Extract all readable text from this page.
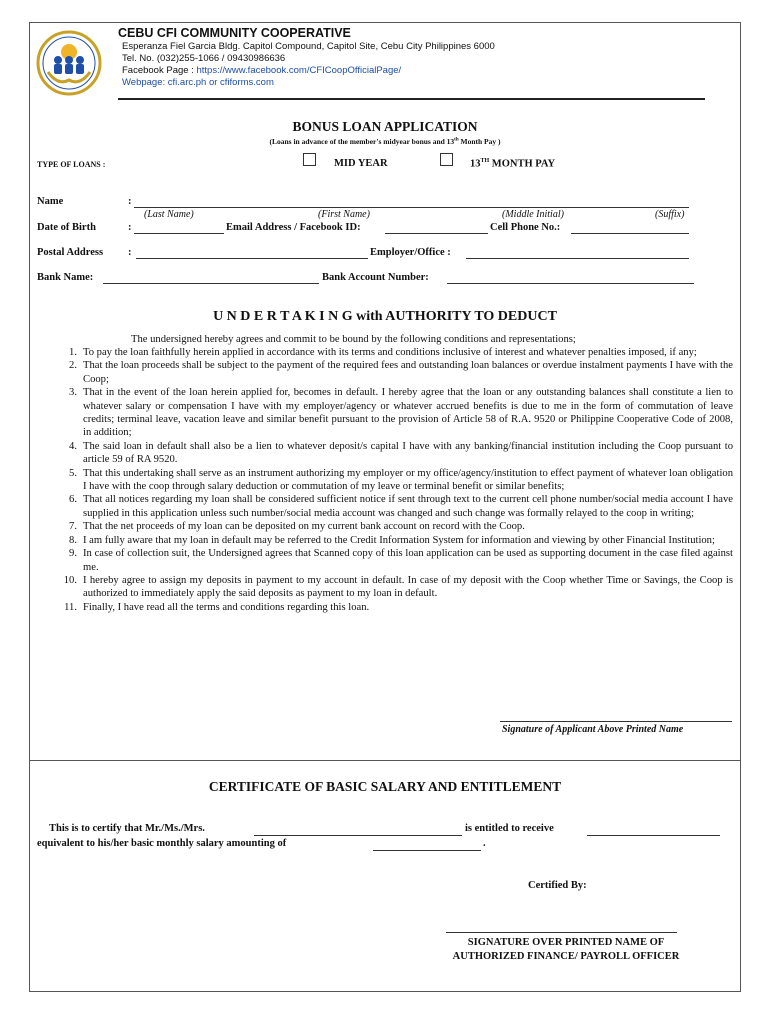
CEBU CFI COMMUNITY COOPERATIVE
Esperanza Fiel Garcia Bldg. Capitol Compound, Capitol Site, Cebu City Philippines 6000
Tel. No. (032)255-1066 / 09430986636
Facebook Page : https://www.facebook.com/CFICoopOfficialPage/
Webpage: cfi.arc.ph or cfiforms.com
BONUS LOAN APPLICATION
(Loans in advance of the member's midyear bonus and 13th Month Pay )
TYPE OF LOANS :	MID YEAR	13TH MONTH PAY
Name	:
(Last Name)	(First Name)	(Middle Initial)	(Suffix)
Date of Birth	:	Email Address / Facebook ID:	Cell Phone No.:
Postal Address :	Employer/Office :
Bank Name:	Bank Account Number:
U N D E R T A K I N G with AUTHORITY TO DEDUCT
The undersigned hereby agrees and commit to be bound by the following conditions and representations;
1. To pay the loan faithfully herein applied in accordance with its terms and conditions inclusive of interest and whatever penalties imposed, if any;
2. That the loan proceeds shall be subject to the payment of the required fees and outstanding loan balances or overdue instalment payments I have with the Coop;
3. That in the event of the loan herein applied for, becomes in default. I hereby agree that the loan or any outstanding balances shall constitute a lien to whatever salary or compensation I have with my employer/agency or whatever accrued benefits is due to me in the form of commutation of leave credits; terminal leave, vacation leave and similar benefit pursuant to the provision of Article 58 of R.A. 9520 or Philippine Cooperative Code of 2008, in addition;
4. The said loan in default shall also be a lien to whatever deposit/s capital I have with any banking/financial institution including the Coop pursuant to article 59 of RA 9520.
5. That this undertaking shall serve as an instrument authorizing my employer or my office/agency/institution to effect payment of whatever loan obligation I have with the coop through salary deduction or commutation of my leave or terminal benefit or similar benefits;
6. That all notices regarding my loan shall be considered sufficient notice if sent through text to the current cell phone number/social media account I have supplied in this application unless such number/social media account was changed and such change was formally relayed to the coop in writing;
7. That the net proceeds of my loan can be deposited on my current bank account on record with the Coop.
8. I am fully aware that my loan in default may be referred to the Credit Information System for information and viewing by other Financial Institution;
9. In case of collection suit, the Undersigned agrees that Scanned copy of this loan application can be used as supporting document in the case filed against me.
10. I hereby agree to assign my deposits in payment to my account in default. In case of my deposit with the Coop whether Time or Savings, the Coop is authorized to immediately apply the said deposits as payment to my loan in default.
11. Finally, I have read all the terms and conditions regarding this loan.
Signature of Applicant Above Printed Name
CERTIFICATE OF BASIC SALARY AND ENTITLEMENT
This is to certify that Mr./Ms./Mrs.	is entitled to receive
equivalent to his/her basic monthly salary amounting of	.
Certified By:
SIGNATURE OVER PRINTED NAME OF
AUTHORIZED FINANCE/ PAYROLL OFFICER
